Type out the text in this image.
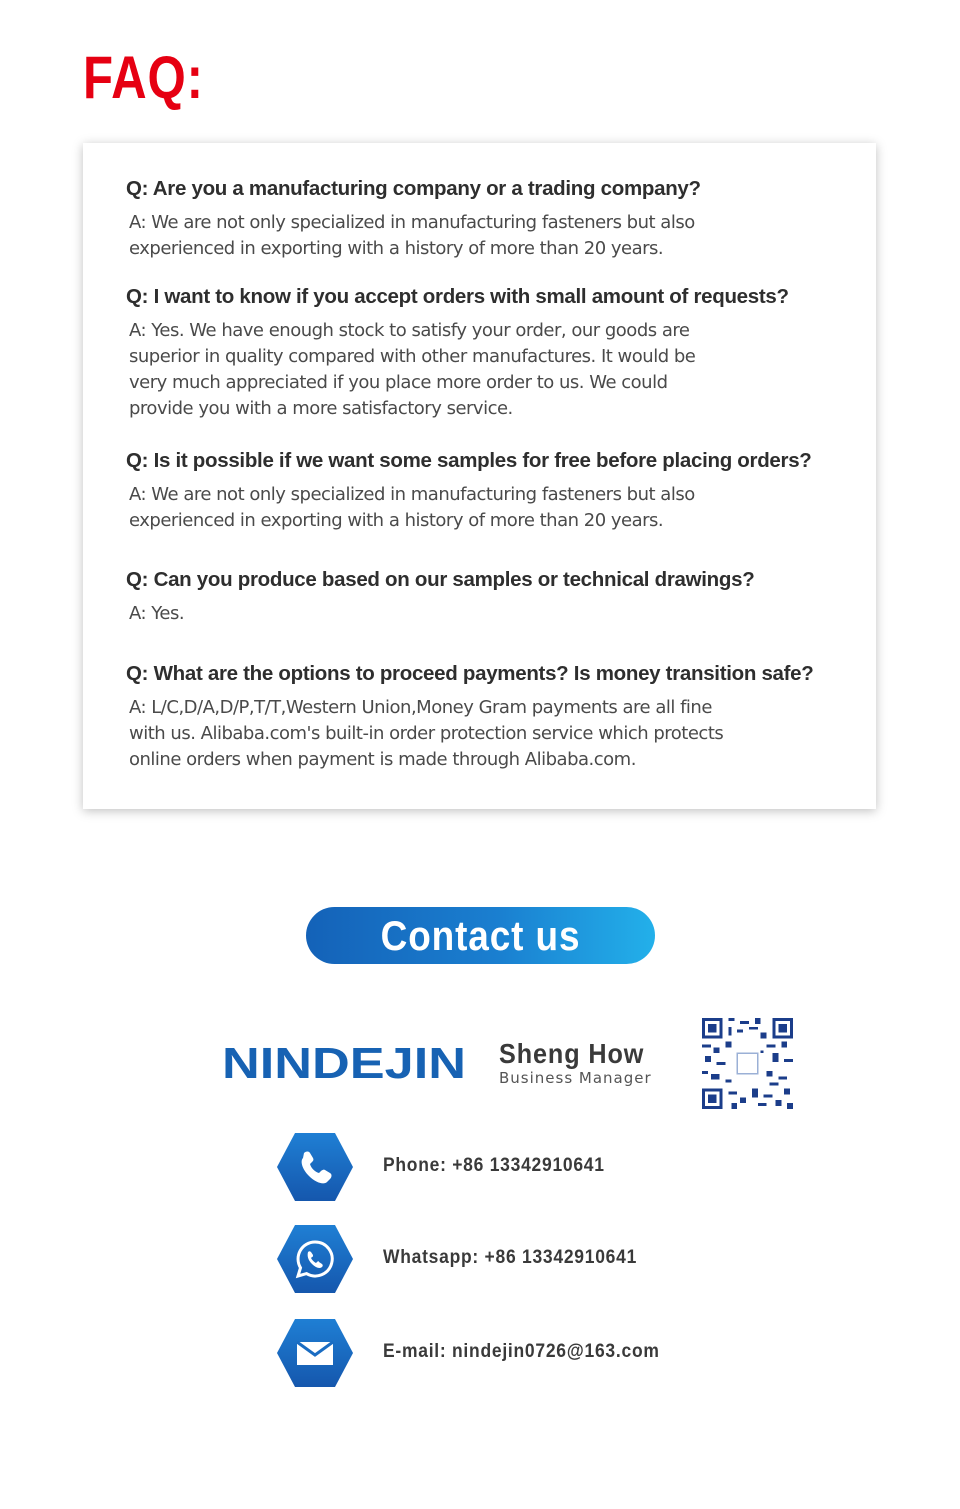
FAQ:

Q: Are you a manufacturing company or a trading company?

A: We are not only specialized in manufacturing fasteners but also
experienced in exporting with a history of more than 20 years.

Q: I want to know if you accept orders with small amount of requests?

A: Yes. We have enough stock to satisfy your order, our goods are
superior in quality compared with other manufactures. It would be
very much appreciated if you place more order to us. We could
provide you with a more satisfactory service.

Q: Is it possible if we want some samples for free before placing orders?

A: We are not only specialized in manufacturing fasteners but also
experienced in exporting with a history of more than 20 years.

Q: Can you produce based on our samples or technical drawings?

A: Yes.

Q: What are the options to proceed payments? Is money transition safe?

A: L/C,D/A,D/P,T/T,Western Union,Money Gram payments are all fine
with us. Alibaba.com's built-in order protection service which protects
online orders when payment is made through Alibaba.com.

Contact us
NINDEJIN Sheng How
Business Manager
Phone: +86 13342910641
Whatsapp: +86 13342910641
E-mail: nindejin0726@163.com
